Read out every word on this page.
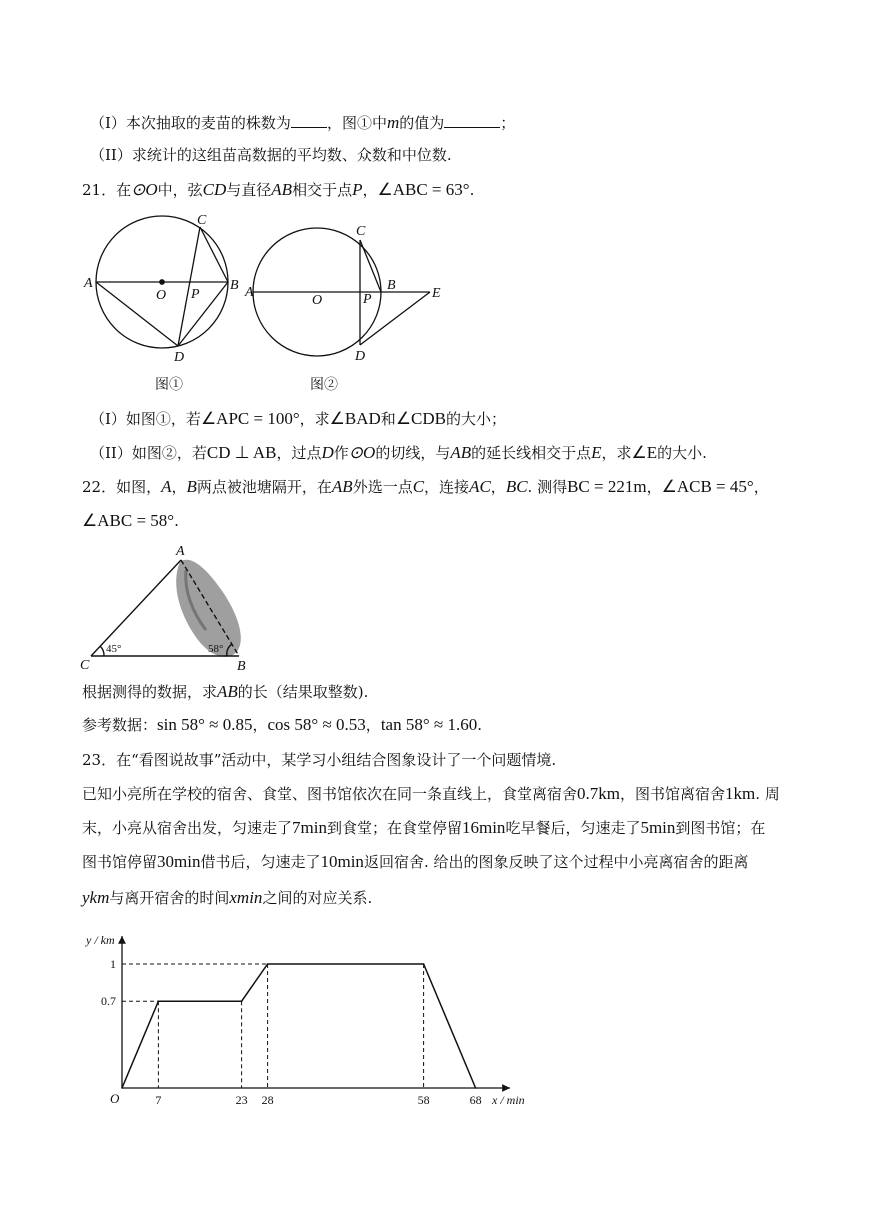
（I）本次抽取的麦苗的株数为 ，图①中m的值为	；
（II）求统计的这组苗高数据的平均数、众数和中位数.
21．在⊙O中，弦CD与直径AB相交于点P，∠ABC = 63°.
A	B
C
D
O P	A
O	P
B
C
D
E
图①	图②
（I）如图①，若∠APC = 100°，求∠BAD和∠CDB的大小；
（II）如图②，若CD ⊥ AB，过点D作⊙O的切线，与AB的延长线相交于点E，求∠E的大小.
22．如图，A，B两点被池塘隔开，在AB外选一点C，连接AC，BC. 测得BC = 221m，∠ACB = 45°，
∠ABC = 58°.
A
B
C
45°	58°
根据测得的数据，求AB的长（结果取整数).
参考数据：sin 58° ≈ 0.85，cos 58° ≈ 0.53，tan 58° ≈ 1.60.
23．在“看图说故事”活动中，某学习小组结合图象设计了一个问题情境.
已知小亮所在学校的宿舍、食堂、图书馆依次在同一条直线上，食堂离宿舍0.7km，图书馆离宿舍1km. 周
末，小亮从宿舍出发，匀速走了7min到食堂；在食堂停留16min吃早餐后，匀速走了5min到图书馆；在
图书馆停留30min借书后，匀速走了10min返回宿舍. 给出的图象反映了这个过程中小亮离宿舍的距离
ykm与离开宿舍的时间xmin之间的对应关系.
0.7
1
7	23 28	58	68
y / km
x / min
O
